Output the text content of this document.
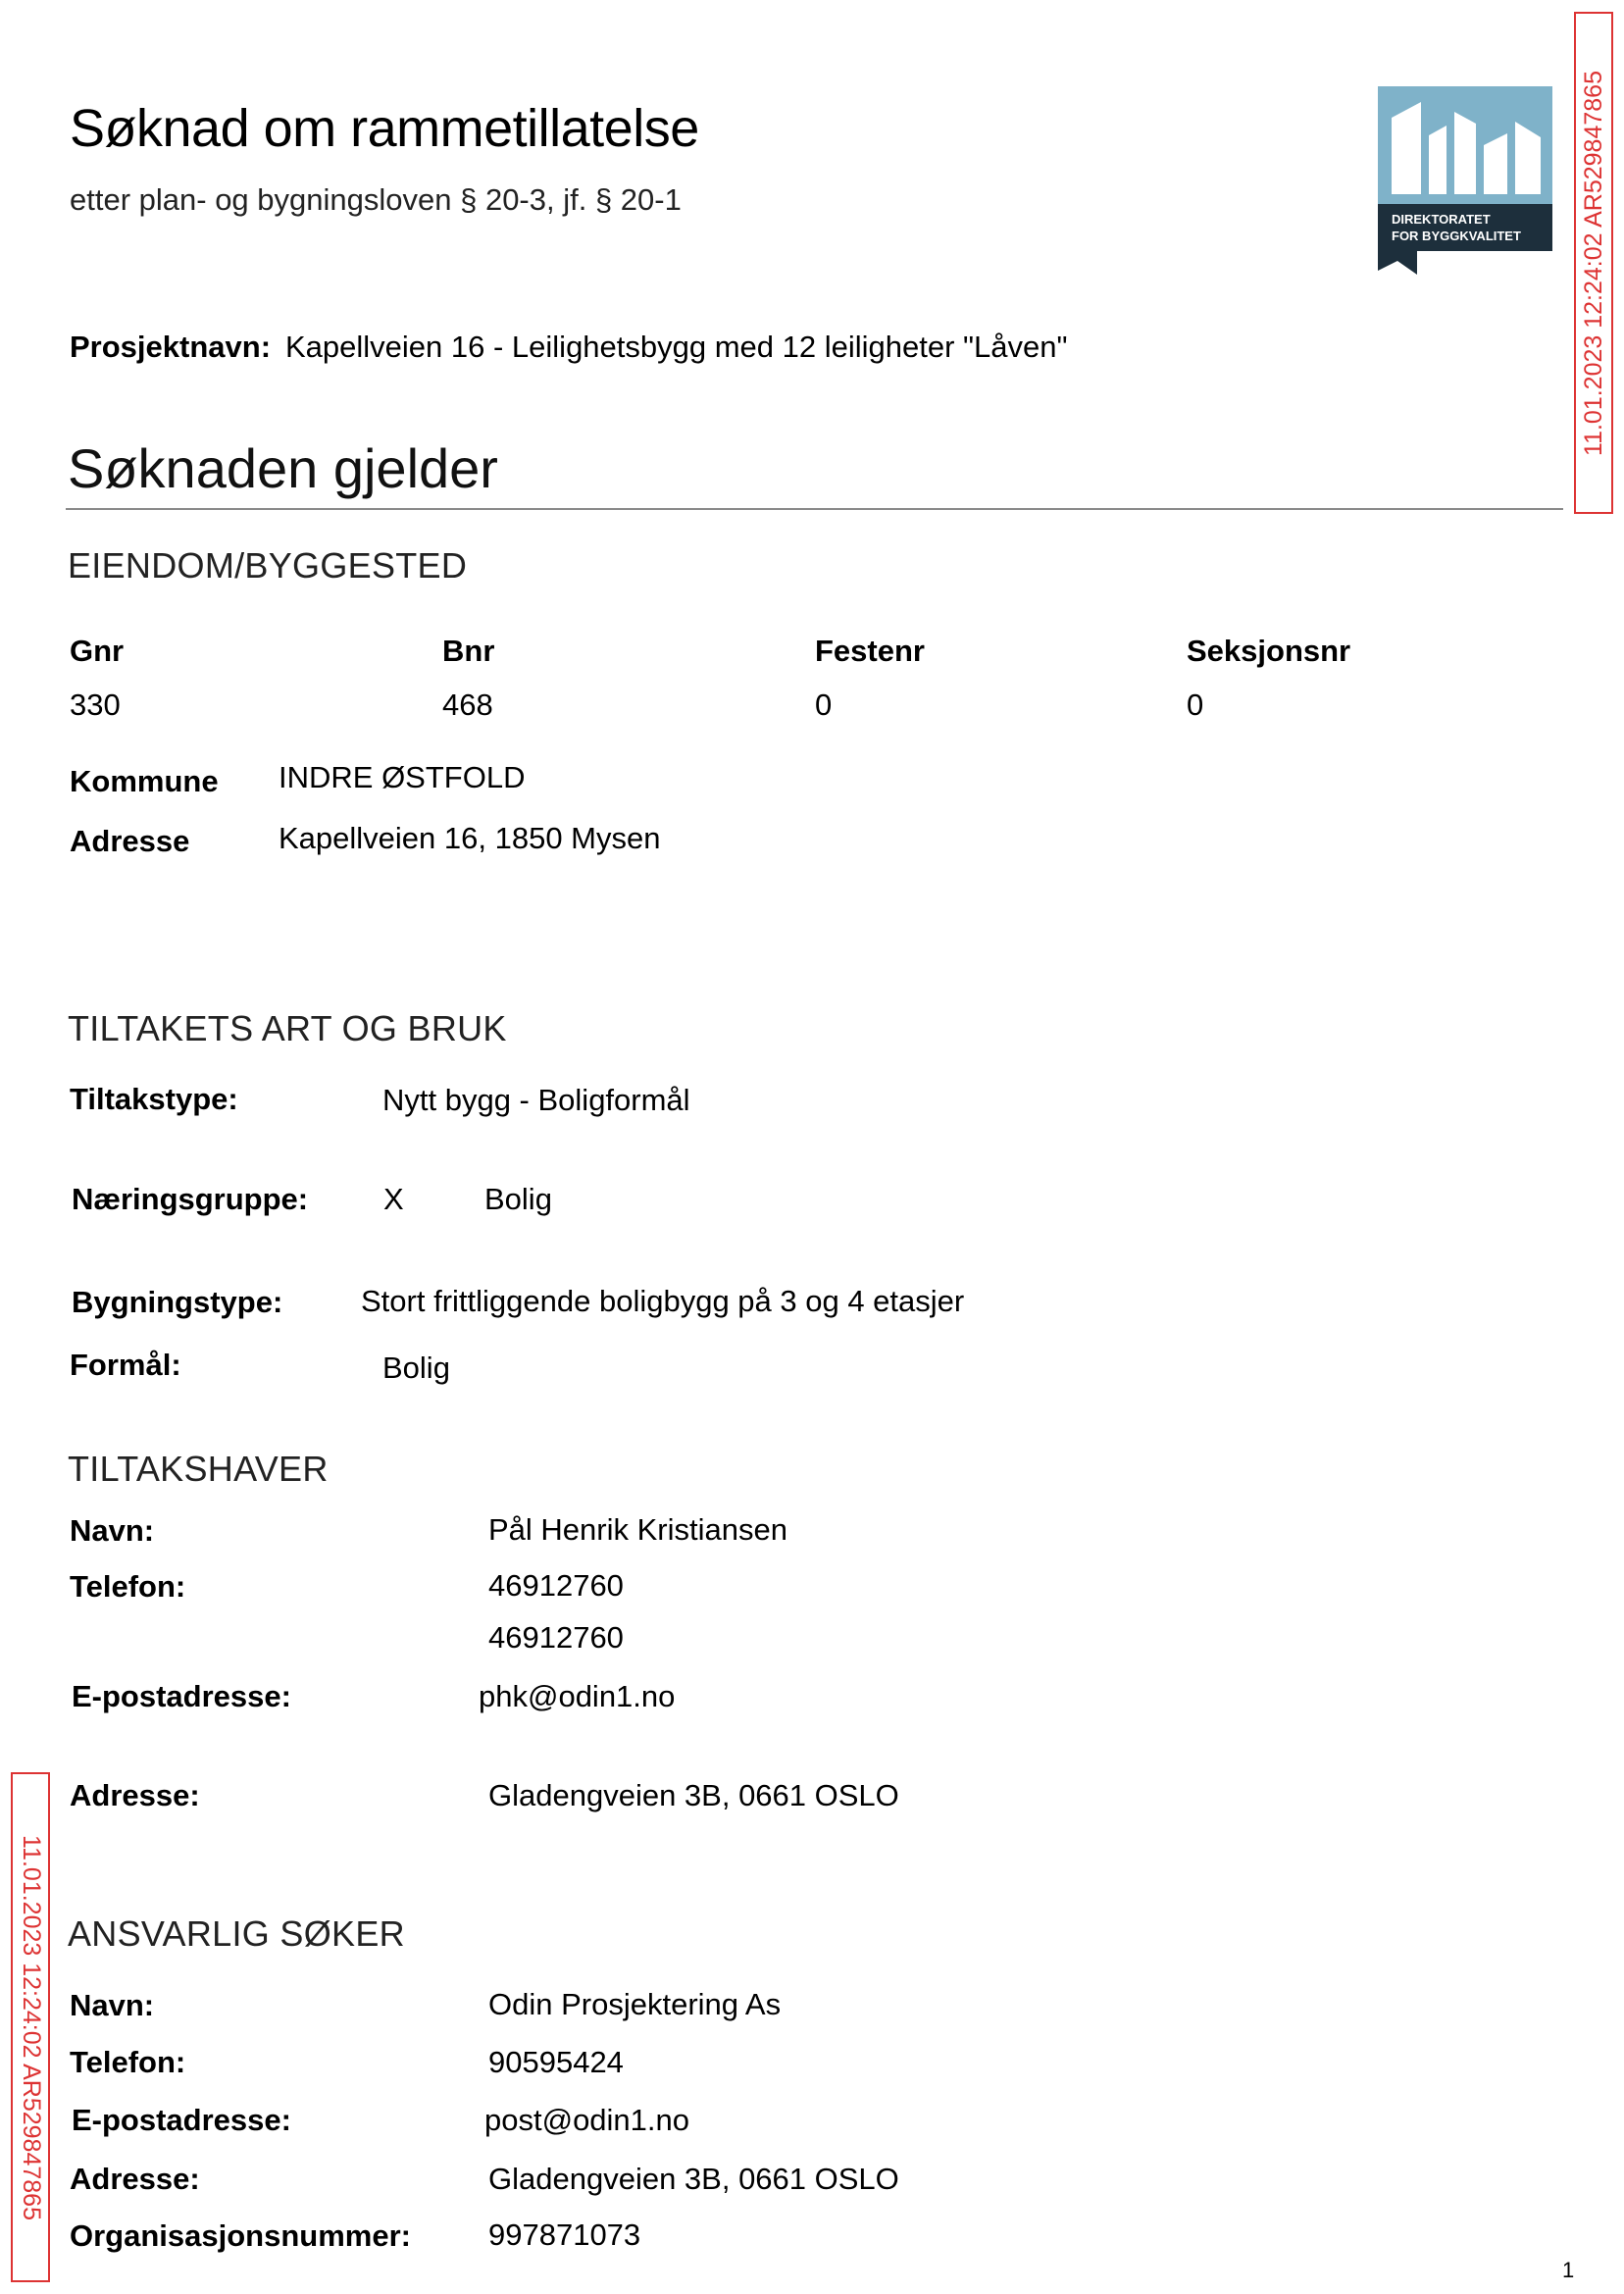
Søknad om rammetillatelse
etter plan- og bygningsloven § 20-3, jf. § 20-1
DIREKTORATET
FOR BYGGKVALITET 11.01.2023 12:24:02 AR529847865
11.01.2023 12:24:02 AR529847865
Prosjektnavn: Kapellveien 16 - Leilighetsbygg med 12 leiligheter "Låven"
Søknaden gjelder
EIENDOM/BYGGESTED
Gnr	Bnr	Festenr	Seksjonsnr
330	468	0	0
Kommune INDRE ØSTFOLD
Adresse	Kapellveien 16, 1850 Mysen
TILTAKETS ART OG BRUK
Tiltakstype:	Nytt bygg - Boligformål
Næringsgruppe: X	Bolig
Bygningstype:	Stort frittliggende boligbygg på 3 og 4 etasjer
Formål:	Bolig
TILTAKSHAVER
Navn:	Pål Henrik Kristiansen
Telefon:	46912760
46912760
E-postadresse:	phk@odin1.no
Adresse:	Gladengveien 3B, 0661 OSLO
ANSVARLIG SØKER
Navn:	Odin Prosjektering As
Telefon:	90595424
E-postadresse:	post@odin1.no
Adresse:	Gladengveien 3B, 0661 OSLO
Organisasjonsnummer:	997871073
1
